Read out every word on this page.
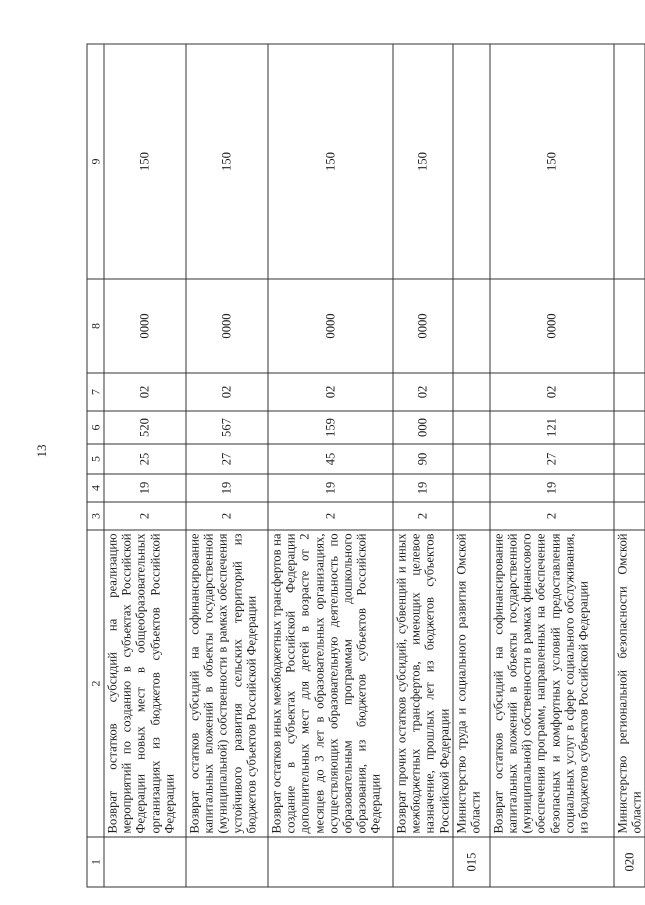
13
1	2	3	4	5	6	7	8	9
	Возврат остатков субсидий на реализацию мероприятий по созданию в субъектах Российской Федерации новых мест в общеобразовательных организациях из бюджетов субъектов Российской Федерации	2	19	25	520	02	0000	150
	Возврат остатков субсидий на софинансирование капитальных вложений в объекты государственной (муниципальной) собственности в рамках обеспечения устойчивого развития сельских территорий из бюджетов субъектов Российской Федерации	2	19	27	567	02	0000	150
	Возврат остатков иных межбюджетных трансфертов на создание в субъектах Российской Федерации дополнительных мест для детей в возрасте от 2 месяцев до 3 лет в образовательных организациях, осуществляющих образовательную деятельность по образовательным программам дошкольного образования, из бюджетов субъектов Российской Федерации	2	19	45	159	02	0000	150
	Возврат прочих остатков субсидий, субвенций и иных межбюджетных трансфертов, имеющих целевое назначение, прошлых лет из бюджетов субъектов Российской Федерации	2	19	90	000	02	0000	150
015	Министерство труда и социального развития Омской области							
	Возврат остатков субсидий на софинансирование капитальных вложений в объекты государственной (муниципальной) собственности в рамках финансового обеспечения программ, направленных на обеспечение безопасных и комфортных условий предоставления социальных услуг в сфере социального обслуживания, из бюджетов субъектов Российской Федерации	2	19	27	121	02	0000	150
020	Министерство региональной безопасности Омской области							
